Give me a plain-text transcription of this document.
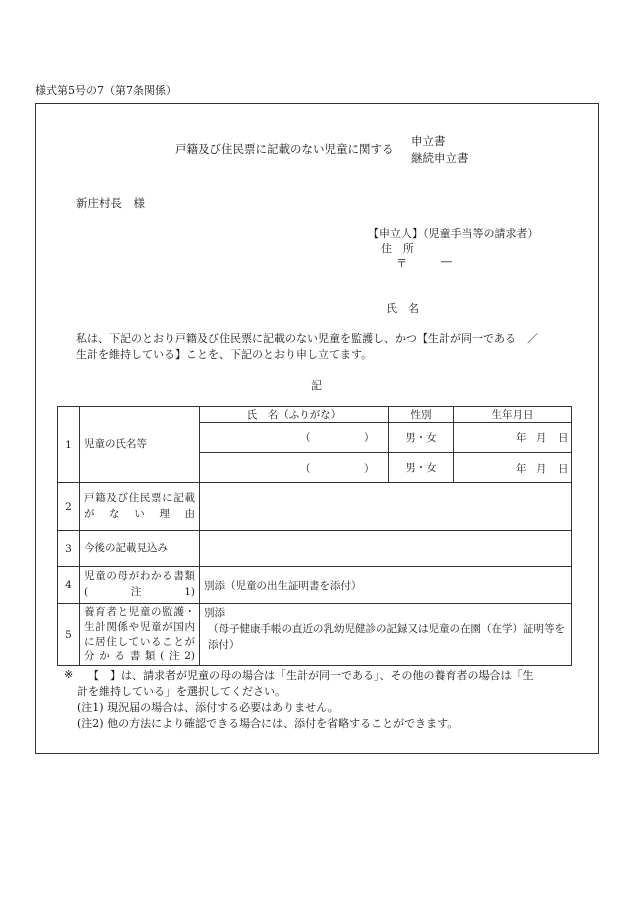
様式第5号の7（第7条関係）
戸籍及び住民票に記載のない児童に関する
申立書
継続申立書
新庄村長　様
【申立人】（児童手当等の請求者）
住　所
〒	―
氏　名
私は、下記のとおり戸籍及び住民票に記載のない児童を監護し、かつ【生計が同一である　／
生計を維持している】ことを、下記のとおり申し立てます。
記
1	児童の氏名等	氏　名（ふりがな）	性別	生年月日

		（ ）	男・女	年 月 日

		（ ）	男・女	年 月 日

2	戸籍及び住民票に記載がない理由			
3	今後の記載見込み			
4	児童の母がわかる書類(注1)	別添（児童の出生証明書を添付）		
5	養育者と児童の監護・生計関係や児童が国内に居住していることが分かる書類(注2)	別添
（母子健康手帳の直近の乳幼児健診の記録又は児童の在園（在学）証明等を添付）		
※ 【　】は、請求者が児童の母の場合は「生計が同一である」、その他の養育者の場合は「生
計を維持している」を選択してください。
(注1) 現況届の場合は、添付する必要はありません。
(注2) 他の方法により確認できる場合には、添付を省略することができます。
